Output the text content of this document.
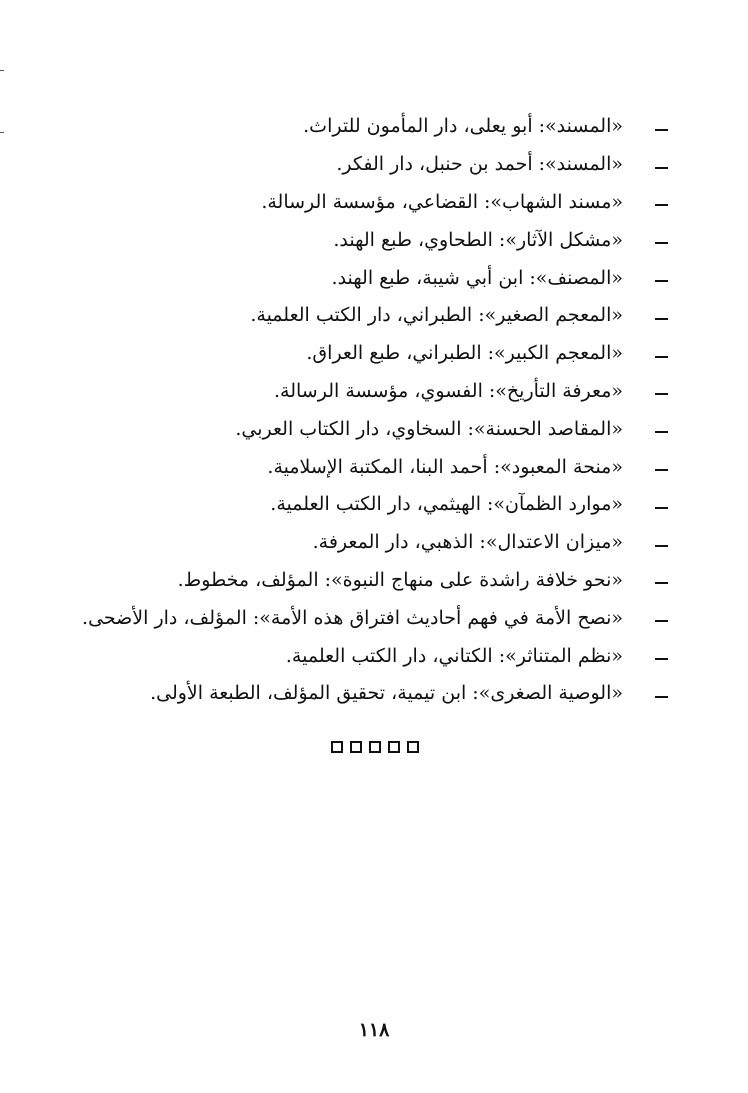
«المسند»: أبو يعلى، دار المأمون للتراث.
«المسند»: أحمد بن حنبل، دار الفكر.
«مسند الشهاب»: القضاعي، مؤسسة الرسالة.
«مشكل الآثار»: الطحاوي، طبع الهند.
«المصنف»: ابن أبي شيبة، طبع الهند.
«المعجم الصغير»: الطبراني، دار الكتب العلمية.
«المعجم الكبير»: الطبراني، طبع العراق.
«معرفة التأريخ»: الفسوي، مؤسسة الرسالة.
«المقاصد الحسنة»: السخاوي، دار الكتاب العربي.
«منحة المعبود»: أحمد البنا، المكتبة الإسلامية.
«موارد الظمآن»: الهيثمي، دار الكتب العلمية.
«ميزان الاعتدال»: الذهبي، دار المعرفة.
«نحو خلافة راشدة على منهاج النبوة»: المؤلف، مخطوط.
«نصح الأمة في فهم أحاديث افتراق هذه الأمة»: المؤلف، دار الأضحى.
«نظم المتناثر»: الكتاني، دار الكتب العلمية.
«الوصية الصغرى»: ابن تيمية، تحقيق المؤلف، الطبعة الأولى.
١١٨
